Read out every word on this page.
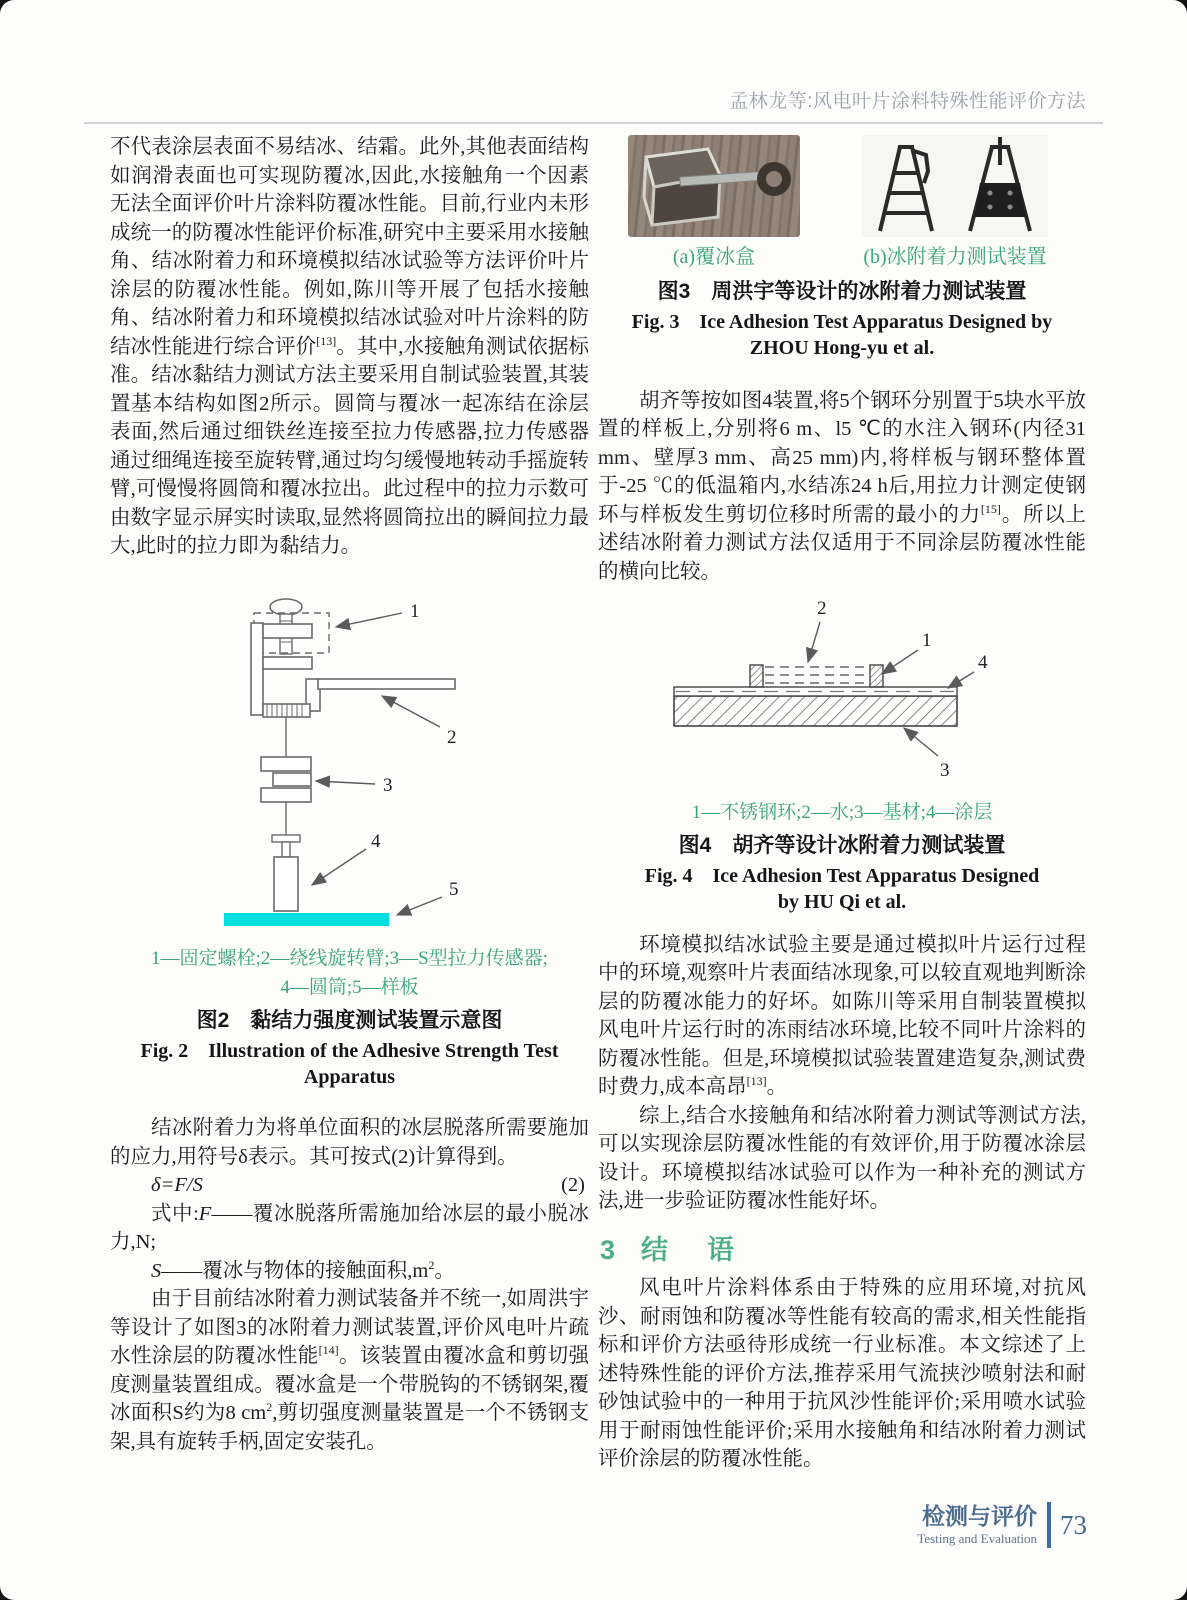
孟林龙等:风电叶片涂料特殊性能评价方法

不代表涂层表面不易结冰、结霜。此外,其他表面结构如润滑表面也可实现防覆冰,因此,水接触角一个因素无法全面评价叶片涂料防覆冰性能。目前,行业内未形成统一的防覆冰性能评价标准,研究中主要采用水接触角、结冰附着力和环境模拟结冰试验等方法评价叶片涂层的防覆冰性能。例如,陈川等开展了包括水接触角、结冰附着力和环境模拟结冰试验对叶片涂料的防结冰性能进行综合评价[13]。其中,水接触角测试依据标准。结冰黏结力测试方法主要采用自制试验装置,其装置基本结构如图2所示。圆筒与覆冰一起冻结在涂层表面,然后通过细铁丝连接至拉力传感器,拉力传感器通过细绳连接至旋转臂,通过均匀缓慢地转动手摇旋转臂,可慢慢将圆筒和覆冰拉出。此过程中的拉力示数可由数字显示屏实时读取,显然将圆筒拉出的瞬间拉力最大,此时的拉力即为黏结力。

1
2
3
4
5
1—固定螺栓;2—绕线旋转臂;3—S型拉力传感器;
4—圆筒;5—样板
图2　黏结力强度测试装置示意图
Fig. 2　Illustration of the Adhesive Strength Test Apparatus

结冰附着力为将单位面积的冰层脱落所需要施加的应力,用符号δ表示。其可按式(2)计算得到。

δ=F/S	(2)

式中:F——覆冰脱落所需施加给冰层的最小脱冰力,N;

S——覆冰与物体的接触面积,m$^2$。

由于目前结冰附着力测试装备并不统一,如周洪宇等设计了如图3的冰附着力测试装置,评价风电叶片疏水性涂层的防覆冰性能[14]。该装置由覆冰盒和剪切强度测量装置组成。覆冰盒是一个带脱钩的不锈钢架,覆冰面积S约为8 cm$^2$,剪切强度测量装置是一个不锈钢支架,具有旋转手柄,固定安装孔。

(a)覆冰盒	(b)冰附着力测试装置
图3　周洪宇等设计的冰附着力测试装置
Fig. 3　Ice Adhesion Test Apparatus Designed by ZHOU Hong-yu et al.

胡齐等按如图4装置,将5个钢环分别置于5块水平放置的样板上,分别将6 m、l5 ℃的水注入钢环(内径31 mm、壁厚3 mm、高25 mm)内,将样板与钢环整体置于-25 ℃的低温箱内,水结冻24 h后,用拉力计测定使钢环与样板发生剪切位移时所需的最小的力[15]。所以上述结冰附着力测试方法仅适用于不同涂层防覆冰性能的横向比较。

2
1
4
3
1—不锈钢环;2—水;3—基材;4—涂层
图4　胡齐等设计冰附着力测试装置
Fig. 4　Ice Adhesion Test Apparatus Designed by HU Qi et al.

环境模拟结冰试验主要是通过模拟叶片运行过程中的环境,观察叶片表面结冰现象,可以较直观地判断涂层的防覆冰能力的好坏。如陈川等采用自制装置模拟风电叶片运行时的冻雨结冰环境,比较不同叶片涂料的防覆冰性能。但是,环境模拟试验装置建造复杂,测试费时费力,成本高昂[13]。

综上,结合水接触角和结冰附着力测试等测试方法,可以实现涂层防覆冰性能的有效评价,用于防覆冰涂层设计。环境模拟结冰试验可以作为一种补充的测试方法,进一步验证防覆冰性能好坏。

3 结　语

风电叶片涂料体系由于特殊的应用环境,对抗风沙、耐雨蚀和防覆冰等性能有较高的需求,相关性能指标和评价方法亟待形成统一行业标准。本文综述了上述特殊性能的评价方法,推荐采用气流挟沙喷射法和耐砂蚀试验中的一种用于抗风沙性能评价;采用喷水试验用于耐雨蚀性能评价;采用水接触角和结冰附着力测试评价涂层的防覆冰性能。

检测与评价
Testing and Evaluation 73
